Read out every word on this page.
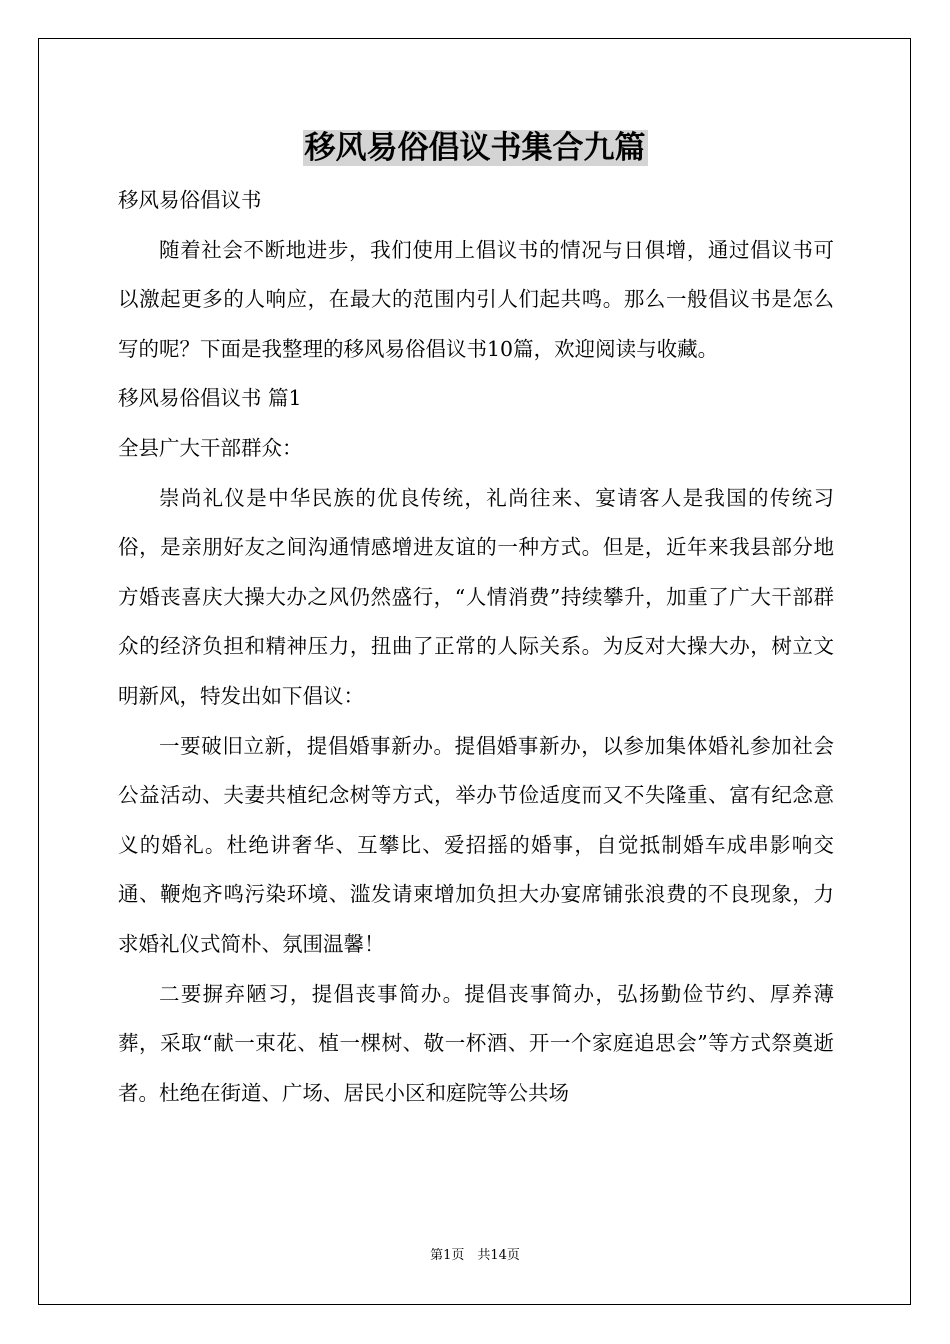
移风易俗倡议书集合九篇

移风易俗倡议书

随着社会不断地进步，我们使用上倡议书的情况与日俱增，通过倡议书可以激起更多的人响应，在最大的范围内引人们起共鸣。那么一般倡议书是怎么写的呢？下面是我整理的移风易俗倡议书10篇，欢迎阅读与收藏。

移风易俗倡议书 篇1

全县广大干部群众：

崇尚礼仪是中华民族的优良传统，礼尚往来、宴请客人是我国的传统习俗，是亲朋好友之间沟通情感增进友谊的一种方式。但是，近年来我县部分地方婚丧喜庆大操大办之风仍然盛行，“人情消费”持续攀升，加重了广大干部群众的经济负担和精神压力，扭曲了正常的人际关系。为反对大操大办，树立文明新风，特发出如下倡议：

一要破旧立新，提倡婚事新办。提倡婚事新办，以参加集体婚礼参加社会公益活动、夫妻共植纪念树等方式，举办节俭适度而又不失隆重、富有纪念意义的婚礼。杜绝讲奢华、互攀比、爱招摇的婚事，自觉抵制婚车成串影响交通、鞭炮齐鸣污染环境、滥发请柬增加负担大办宴席铺张浪费的不良现象，力求婚礼仪式简朴、氛围温馨！

二要摒弃陋习，提倡丧事简办。提倡丧事简办，弘扬勤俭节约、厚养薄葬，采取“献一束花、植一棵树、敬一杯酒、开一个家庭追思会”等方式祭奠逝者。杜绝在街道、广场、居民小区和庭院等公共场

第1页　共14页
